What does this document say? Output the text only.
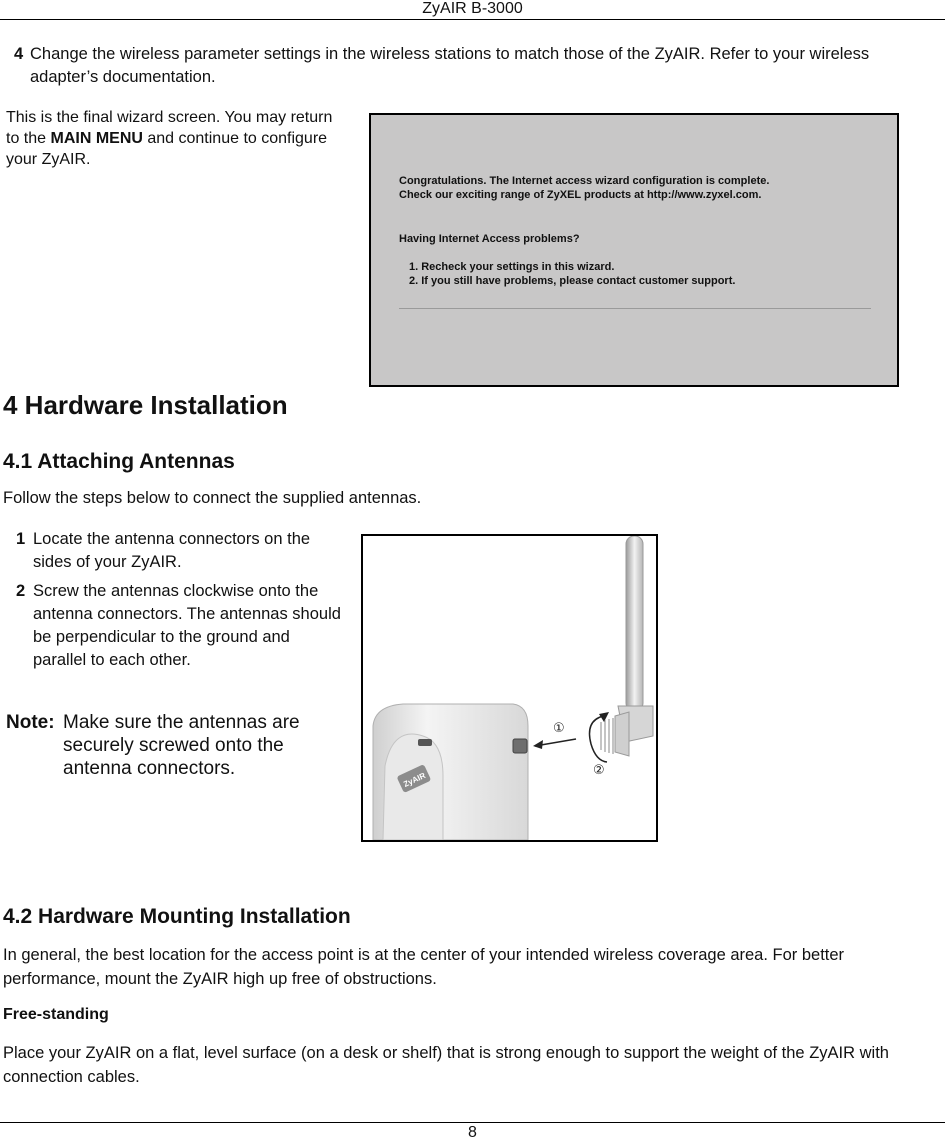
ZyAIR B-3000
4 Change the wireless parameter settings in the wireless stations to match those of the ZyAIR. Refer to your wireless adapter’s documentation.
This is the final wizard screen. You may return to the MAIN MENU and continue to configure your ZyAIR.
Congratulations. The Internet access wizard configuration is complete.
Check our exciting range of ZyXEL products at http://www.zyxel.com.
Having Internet Access problems?
1. Recheck your settings in this wizard.
2. If you still have problems, please contact customer support.
4 Hardware Installation
4.1 Attaching Antennas
Follow the steps below to connect the supplied antennas.
1 Locate the antenna connectors on the sides of your ZyAIR.
2 Screw the antennas clockwise onto the antenna connectors. The antennas should be perpendicular to the ground and parallel to each other.
Note: Make sure the antennas are securely screwed onto the antenna connectors.
ZyAIR
①
②
4.2 Hardware Mounting Installation
In general, the best location for the access point is at the center of your intended wireless coverage area. For better performance, mount the ZyAIR high up free of obstructions.
Free-standing
Place your ZyAIR on a flat, level surface (on a desk or shelf) that is strong enough to support the weight of the ZyAIR with connection cables.
8
